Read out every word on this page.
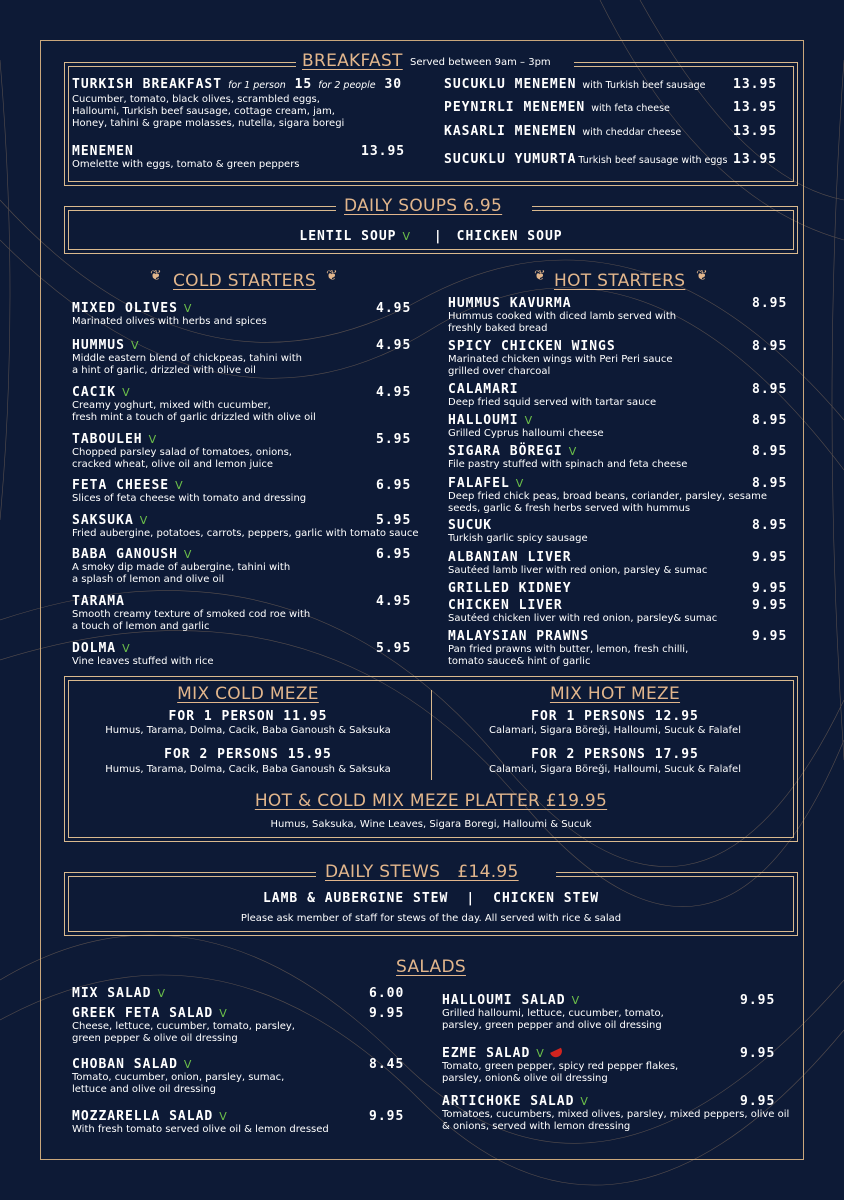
BREAKFAST Served between 9am – 3pm
TURKISH BREAKFAST for 1 person 15 for 2 people 30
Cucumber, tomato, black olives, scrambled eggs,
Halloumi, Turkish beef sausage, cottage cream, jam,
Honey, tahini & grape molasses, nutella, sigara boregi
MENEMEN	13.95
Omelette with eggs, tomato & green peppers
SUCUKLU MENEMEN with Turkish beef sausage 13.95
PEYNIRLI MENEMEN with feta cheese	13.95
KASARLI MENEMEN with cheddar cheese	13.95
SUCUKLU YUMURTA Turkish beef sausage with eggs 13.95
DAILY SOUPS 6.95
LENTIL SOUP V | CHICKEN SOUP
❦ COLD STARTERS ❦	❦ HOT STARTERS ❦
MIXED OLIVES V	4.95
Marinated olives with herbs and spices
HUMMUS V	4.95
Middle eastern blend of chickpeas, tahini with
a hint of garlic, drizzled with olive oil
CACIK V	4.95
Creamy yoghurt, mixed with cucumber,
fresh mint a touch of garlic drizzled with olive oil
TABOULEH V	5.95
Chopped parsley salad of tomatoes, onions,
cracked wheat, olive oil and lemon juice
FETA CHEESE V	6.95
Slices of feta cheese with tomato and dressing
SAKSUKA V	5.95
Fried aubergine, potatoes, carrots, peppers, garlic with tomato sauce
BABA GANOUSH V	6.95
A smoky dip made of aubergine, tahini with
a splash of lemon and olive oil
TARAMA	4.95
Smooth creamy texture of smoked cod roe with
a touch of lemon and garlic
DOLMA V	5.95
Vine leaves stuffed with rice
HUMMUS KAVURMA	8.95
Hummus cooked with diced lamb served with
freshly baked bread
SPICY CHICKEN WINGS	8.95
Marinated chicken wings with Peri Peri sauce
grilled over charcoal
CALAMARI	8.95
Deep fried squid served with tartar sauce
HALLOUMI V	8.95
Grilled Cyprus halloumi cheese
SIGARA BÖREGI V	8.95
File pastry stuffed with spinach and feta cheese
FALAFEL V	8.95
Deep fried chick peas, broad beans, coriander, parsley, sesame
seeds, garlic & fresh herbs served with hummus
SUCUK	8.95
Turkish garlic spicy sausage
ALBANIAN LIVER	9.95
Sautéed lamb liver with red onion, parsley & sumac
GRILLED KIDNEY	9.95
CHICKEN LIVER	9.95
Sautéed chicken liver with red onion, parsley& sumac
MALAYSIAN PRAWNS	9.95
Pan fried prawns with butter, lemon, fresh chilli,
tomato sauce& hint of garlic
MIX COLD MEZE
FOR 1 PERSON 11.95
Humus, Tarama, Dolma, Cacik, Baba Ganoush & Saksuka
FOR 2 PERSONS 15.95
Humus, Tarama, Dolma, Cacik, Baba Ganoush & Saksuka
MIX HOT MEZE
FOR 1 PERSONS 12.95
Calamari, Sigara Böreği, Halloumi, Sucuk & Falafel
FOR 2 PERSONS 17.95
Calamari, Sigara Böreği, Halloumi, Sucuk & Falafel
HOT & COLD MIX MEZE PLATTER £19.95
Humus, Saksuka, Wine Leaves, Sigara Boregi, Halloumi & Sucuk
DAILY STEWS   £14.95
LAMB & AUBERGINE STEW | CHICKEN STEW
Please ask member of staff for stews of the day. All served with rice & salad
SALADS
MIX SALAD V	6.00
GREEK FETA SALAD V	9.95
Cheese, lettuce, cucumber, tomato, parsley,
green pepper & olive oil dressing
CHOBAN SALAD V	8.45
Tomato, cucumber, onion, parsley, sumac,
lettuce and olive oil dressing
MOZZARELLA SALAD V	9.95
With fresh tomato served olive oil & lemon dressed
HALLOUMI SALAD V	9.95
Grilled halloumi, lettuce, cucumber, tomato,
parsley, green pepper and olive oil dressing
EZME SALAD V	9.95
Tomato, green pepper, spicy red pepper flakes,
parsley, onion& olive oil dressing
ARTICHOKE SALAD V	9.95
Tomatoes, cucumbers, mixed olives, parsley, mixed peppers, olive oil
& onions, served with lemon dressing
